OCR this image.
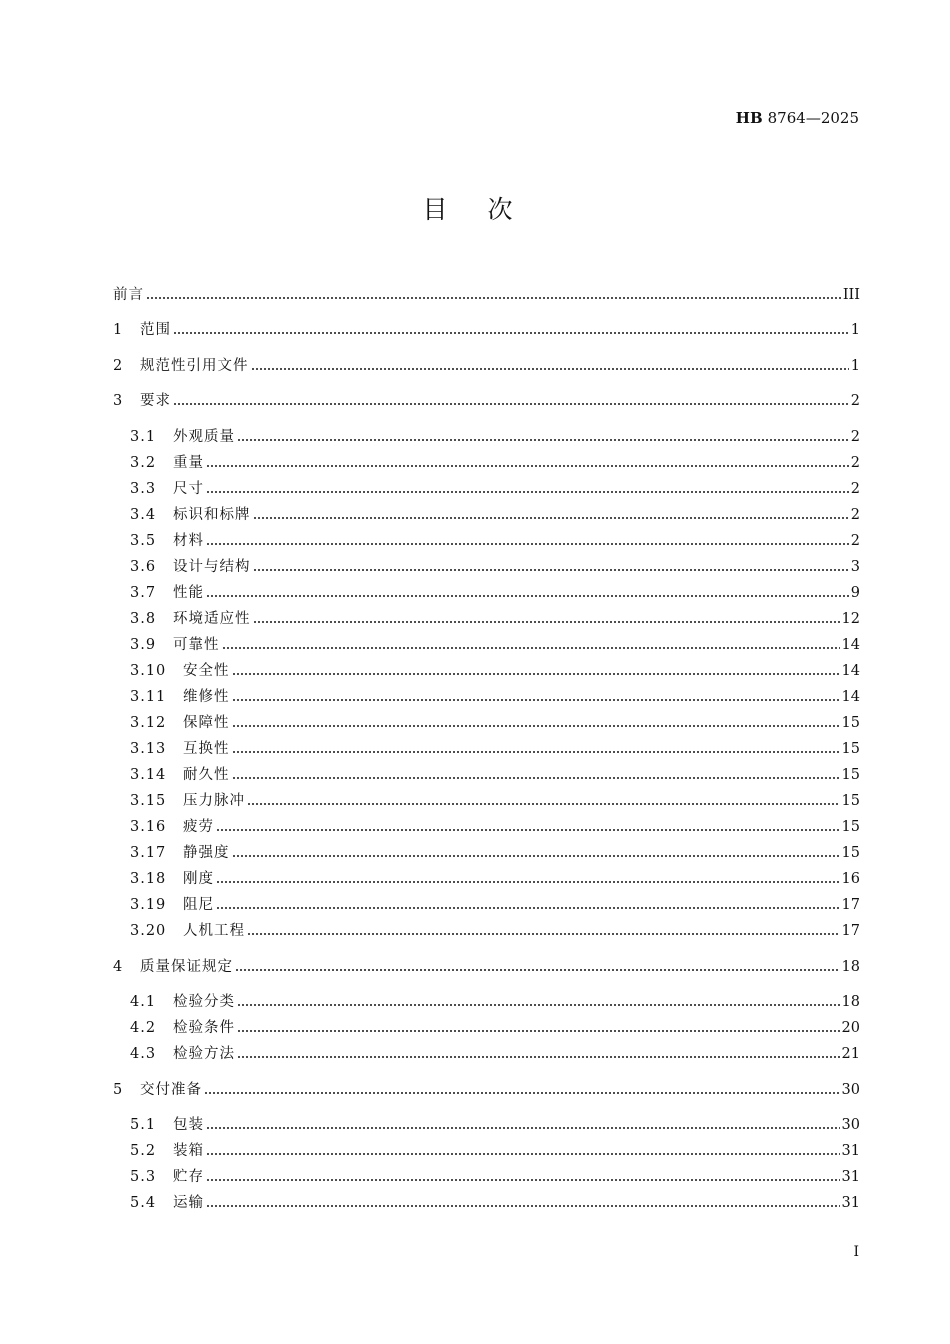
HB 8764—2025
目次
前言	III
1	范围	1
2	规范性引用文件	1
3	要求	2
3.1	外观质量	2
3.2	重量	2
3.3	尺寸	2
3.4	标识和标牌	2
3.5	材料	2
3.6	设计与结构	3
3.7	性能	9
3.8	环境适应性	12
3.9	可靠性	14
3.10	安全性	14
3.11	维修性	14
3.12	保障性	15
3.13	互换性	15
3.14	耐久性	15
3.15	压力脉冲	15
3.16	疲劳	15
3.17	静强度	15
3.18	刚度	16
3.19	阻尼	17
3.20	人机工程	17
4	质量保证规定	18
4.1	检验分类	18
4.2	检验条件	20
4.3	检验方法	21
5	交付准备	30
5.1	包装	30
5.2	装箱	31
5.3	贮存	31
5.4	运输	31
I
